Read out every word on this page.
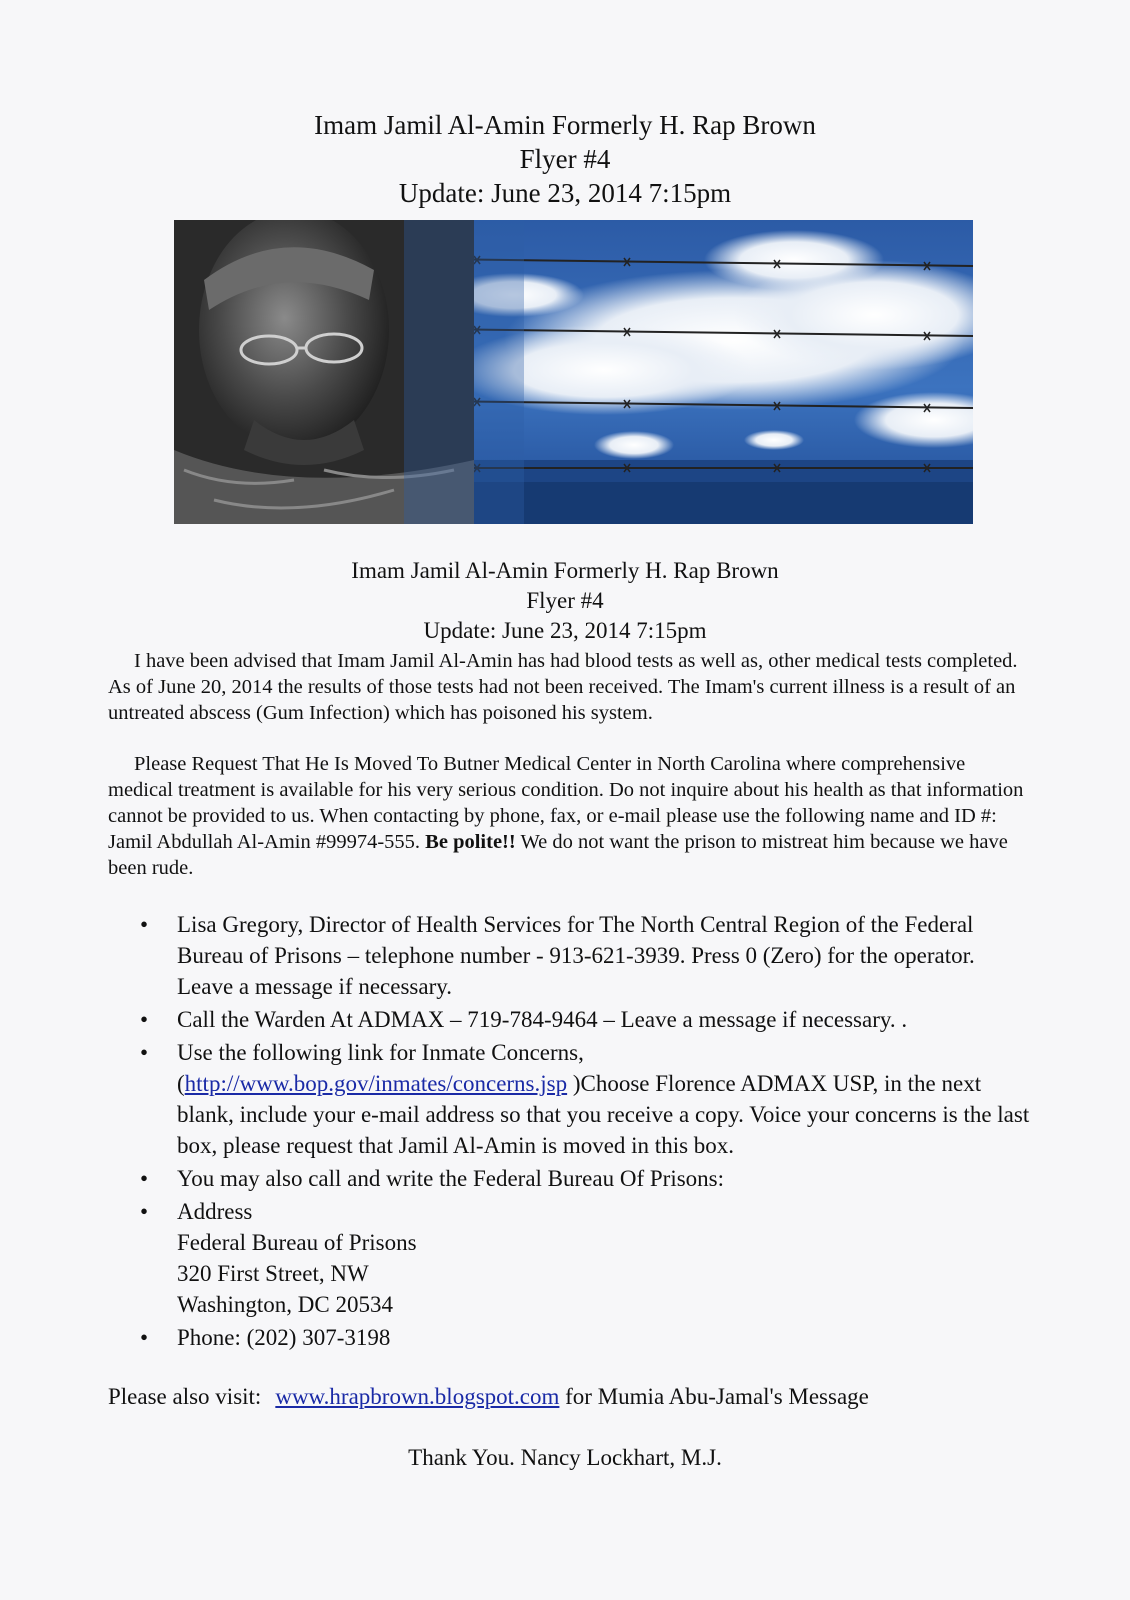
Imam Jamil Al-Amin Formerly H. Rap Brown
Flyer #4
Update: June 23, 2014 7:15pm
Imam Jamil Al-Amin Formerly H. Rap Brown
Flyer #4
Update: June 23, 2014 7:15pm

I have been advised that Imam Jamil Al-Amin has had blood tests as well as, other medical tests completed. As of June 20, 2014 the results of those tests had not been received. The Imam's current illness is a result of an untreated abscess (Gum Infection) which has poisoned his system.

Please Request That He Is Moved To Butner Medical Center in North Carolina where comprehensive medical treatment is available for his very serious condition. Do not inquire about his health as that information cannot be provided to us. When contacting by phone, fax, or e-mail please use the following name and ID #: Jamil Abdullah Al-Amin #99974-555. Be polite!! We do not want the prison to mistreat him because we have been rude.

• Lisa Gregory, Director of Health Services for The North Central Region of the Federal Bureau of Prisons – telephone number - 913-621-3939. Press 0 (Zero) for the operator. Leave a message if necessary.
• Call the Warden At ADMAX – 719-784-9464 – Leave a message if necessary. .
• Use the following link for Inmate Concerns,
(http://www.bop.gov/inmates/concerns.jsp )Choose Florence ADMAX USP, in the next blank, include your e-mail address so that you receive a copy. Voice your concerns is the last box, please request that Jamil Al-Amin is moved in this box.
• You may also call and write the Federal Bureau Of Prisons:
• Address
Federal Bureau of Prisons
320 First Street, NW
Washington, DC 20534
• Phone: (202) 307-3198
Please also visit: www.hrapbrown.blogspot.com for Mumia Abu-Jamal's Message
Thank You. Nancy Lockhart, M.J.
